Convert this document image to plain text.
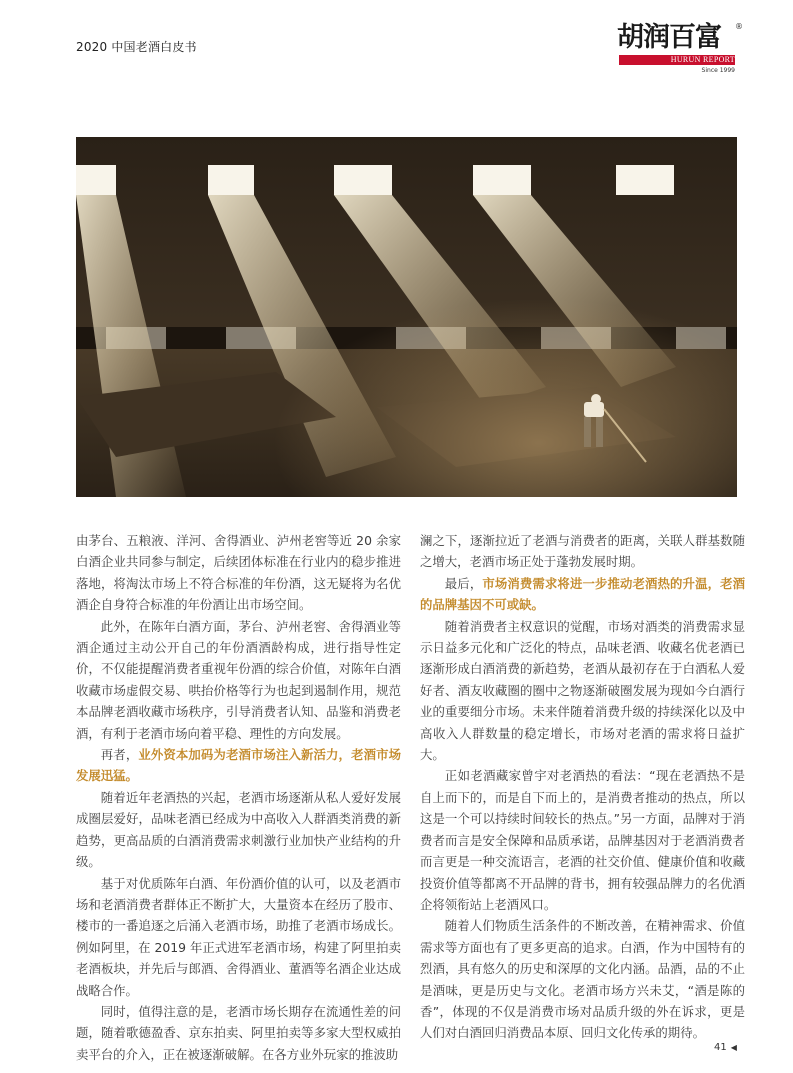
2020 中国老酒白皮书	胡润百富 ®
HURUN REPORT
Since 1999

由茅台、五粮液、洋河、舍得酒业、泸州老窖等近 20 余家白酒企业共同参与制定，后续团体标准在行业内的稳步推进落地，将淘汰市场上不符合标准的年份酒，这无疑将为名优酒企自身符合标准的年份酒让出市场空间。

此外，在陈年白酒方面，茅台、泸州老窖、舍得酒业等酒企通过主动公开自己的年份酒酒龄构成，进行指导性定价，不仅能提醒消费者重视年份酒的综合价值，对陈年白酒收藏市场虚假交易、哄抬价格等行为也起到遏制作用，规范本品牌老酒收藏市场秩序，引导消费者认知、品鉴和消费老酒，有利于老酒市场向着平稳、理性的方向发展。

再者，业外资本加码为老酒市场注入新活力，老酒市场发展迅猛。

随着近年老酒热的兴起，老酒市场逐渐从私人爱好发展成圈层爱好，品味老酒已经成为中高收入人群酒类消费的新趋势，更高品质的白酒消费需求刺激行业加快产业结构的升级。

基于对优质陈年白酒、年份酒价值的认可，以及老酒市场和老酒消费者群体正不断扩大，大量资本在经历了股市、楼市的一番追逐之后涌入老酒市场，助推了老酒市场成长。例如阿里，在 2019 年正式进军老酒市场，构建了阿里拍卖老酒板块，并先后与郎酒、舍得酒业、董酒等名酒企业达成战略合作。

同时，值得注意的是，老酒市场长期存在流通性差的问题，随着歌德盈香、京东拍卖、阿里拍卖等多家大型权威拍卖平台的介入，正在被逐渐破解。在各方业外玩家的推波助

澜之下，逐渐拉近了老酒与消费者的距离，关联人群基数随之增大，老酒市场正处于蓬勃发展时期。

最后，市场消费需求将进一步推动老酒热的升温，老酒的品牌基因不可或缺。

随着消费者主权意识的觉醒，市场对酒类的消费需求显示日益多元化和广泛化的特点，品味老酒、收藏名优老酒已逐渐形成白酒消费的新趋势，老酒从最初存在于白酒私人爱好者、酒友收藏圈的圈中之物逐渐破圈发展为现如今白酒行业的重要细分市场。未来伴随着消费升级的持续深化以及中高收入人群数量的稳定增长，市场对老酒的需求将日益扩大。

正如老酒藏家曾宇对老酒热的看法：“现在老酒热不是自上而下的，而是自下而上的，是消费者推动的热点，所以这是一个可以持续时间较长的热点。”另一方面，品牌对于消费者而言是安全保障和品质承诺，品牌基因对于老酒消费者而言更是一种交流语言，老酒的社交价值、健康价值和收藏投资价值等都离不开品牌的背书，拥有较强品牌力的名优酒企将领衔站上老酒风口。

随着人们物质生活条件的不断改善，在精神需求、价值需求等方面也有了更多更高的追求。白酒，作为中国特有的烈酒，具有悠久的历史和深厚的文化内涵。品酒，品的不止是酒味，更是历史与文化。老酒市场方兴未艾，“酒是陈的香”，体现的不仅是消费市场对品质升级的外在诉求，更是人们对白酒回归消费品本原、回归文化传承的期待。

41 ◀
